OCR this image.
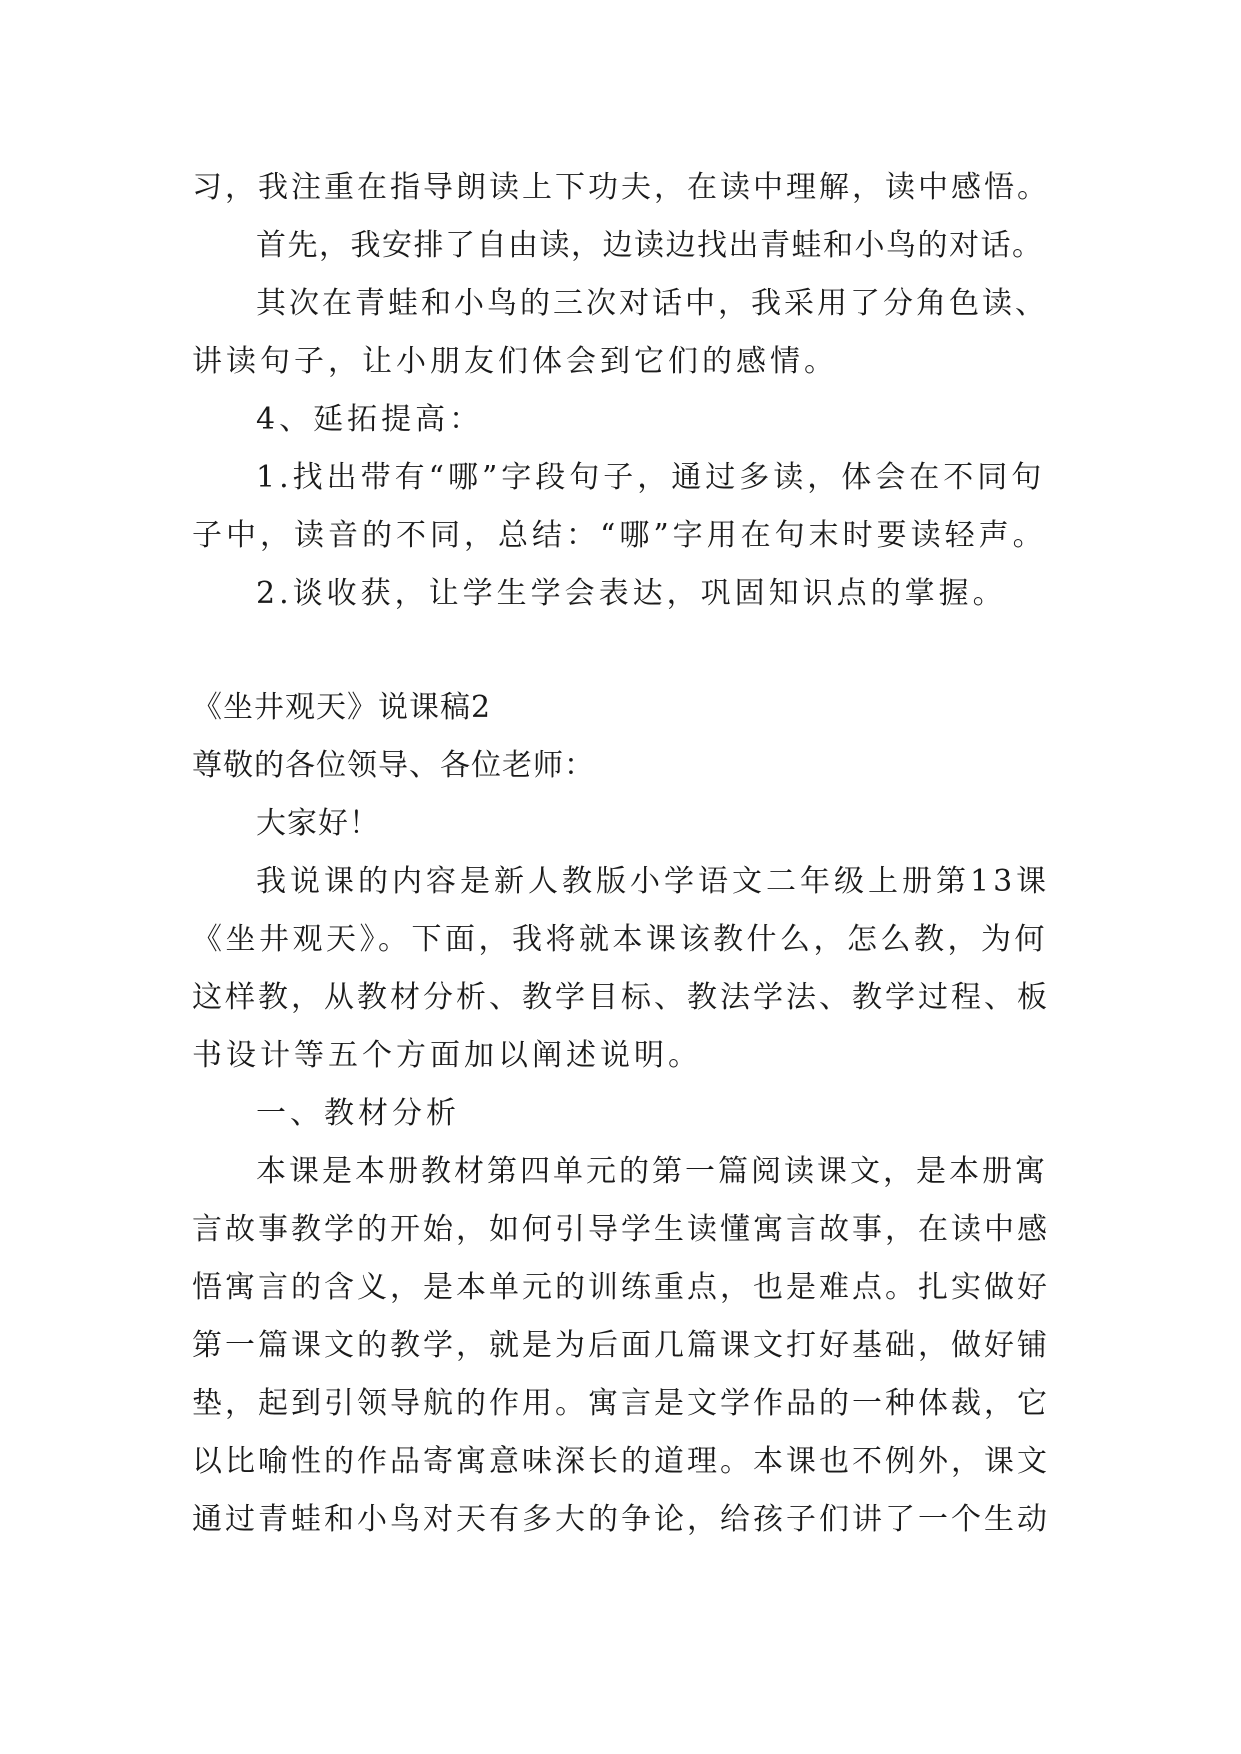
习，我注重在指导朗读上下功夫，在读中理解，读中感悟。
首先，我安排了自由读，边读边找出青蛙和小鸟的对话。
其次在青蛙和小鸟的三次对话中，我采用了分角色读、
讲读句子，让小朋友们体会到它们的感情。
4、延拓提高：
1.找出带有“哪”字段句子，通过多读，体会在不同句
子中，读音的不同，总结：“哪”字用在句末时要读轻声。
2.谈收获，让学生学会表达，巩固知识点的掌握。
《坐井观天》说课稿2
尊敬的各位领导、各位老师：
大家好！
我说课的内容是新人教版小学语文二年级上册第13课
《坐井观天》。下面，我将就本课该教什么，怎么教，为何
这样教，从教材分析、教学目标、教法学法、教学过程、板
书设计等五个方面加以阐述说明。
一、教材分析
本课是本册教材第四单元的第一篇阅读课文，是本册寓
言故事教学的开始，如何引导学生读懂寓言故事，在读中感
悟寓言的含义，是本单元的训练重点，也是难点。扎实做好
第一篇课文的教学，就是为后面几篇课文打好基础，做好铺
垫，起到引领导航的作用。寓言是文学作品的一种体裁，它
以比喻性的作品寄寓意味深长的道理。本课也不例外，课文
通过青蛙和小鸟对天有多大的争论，给孩子们讲了一个生动
